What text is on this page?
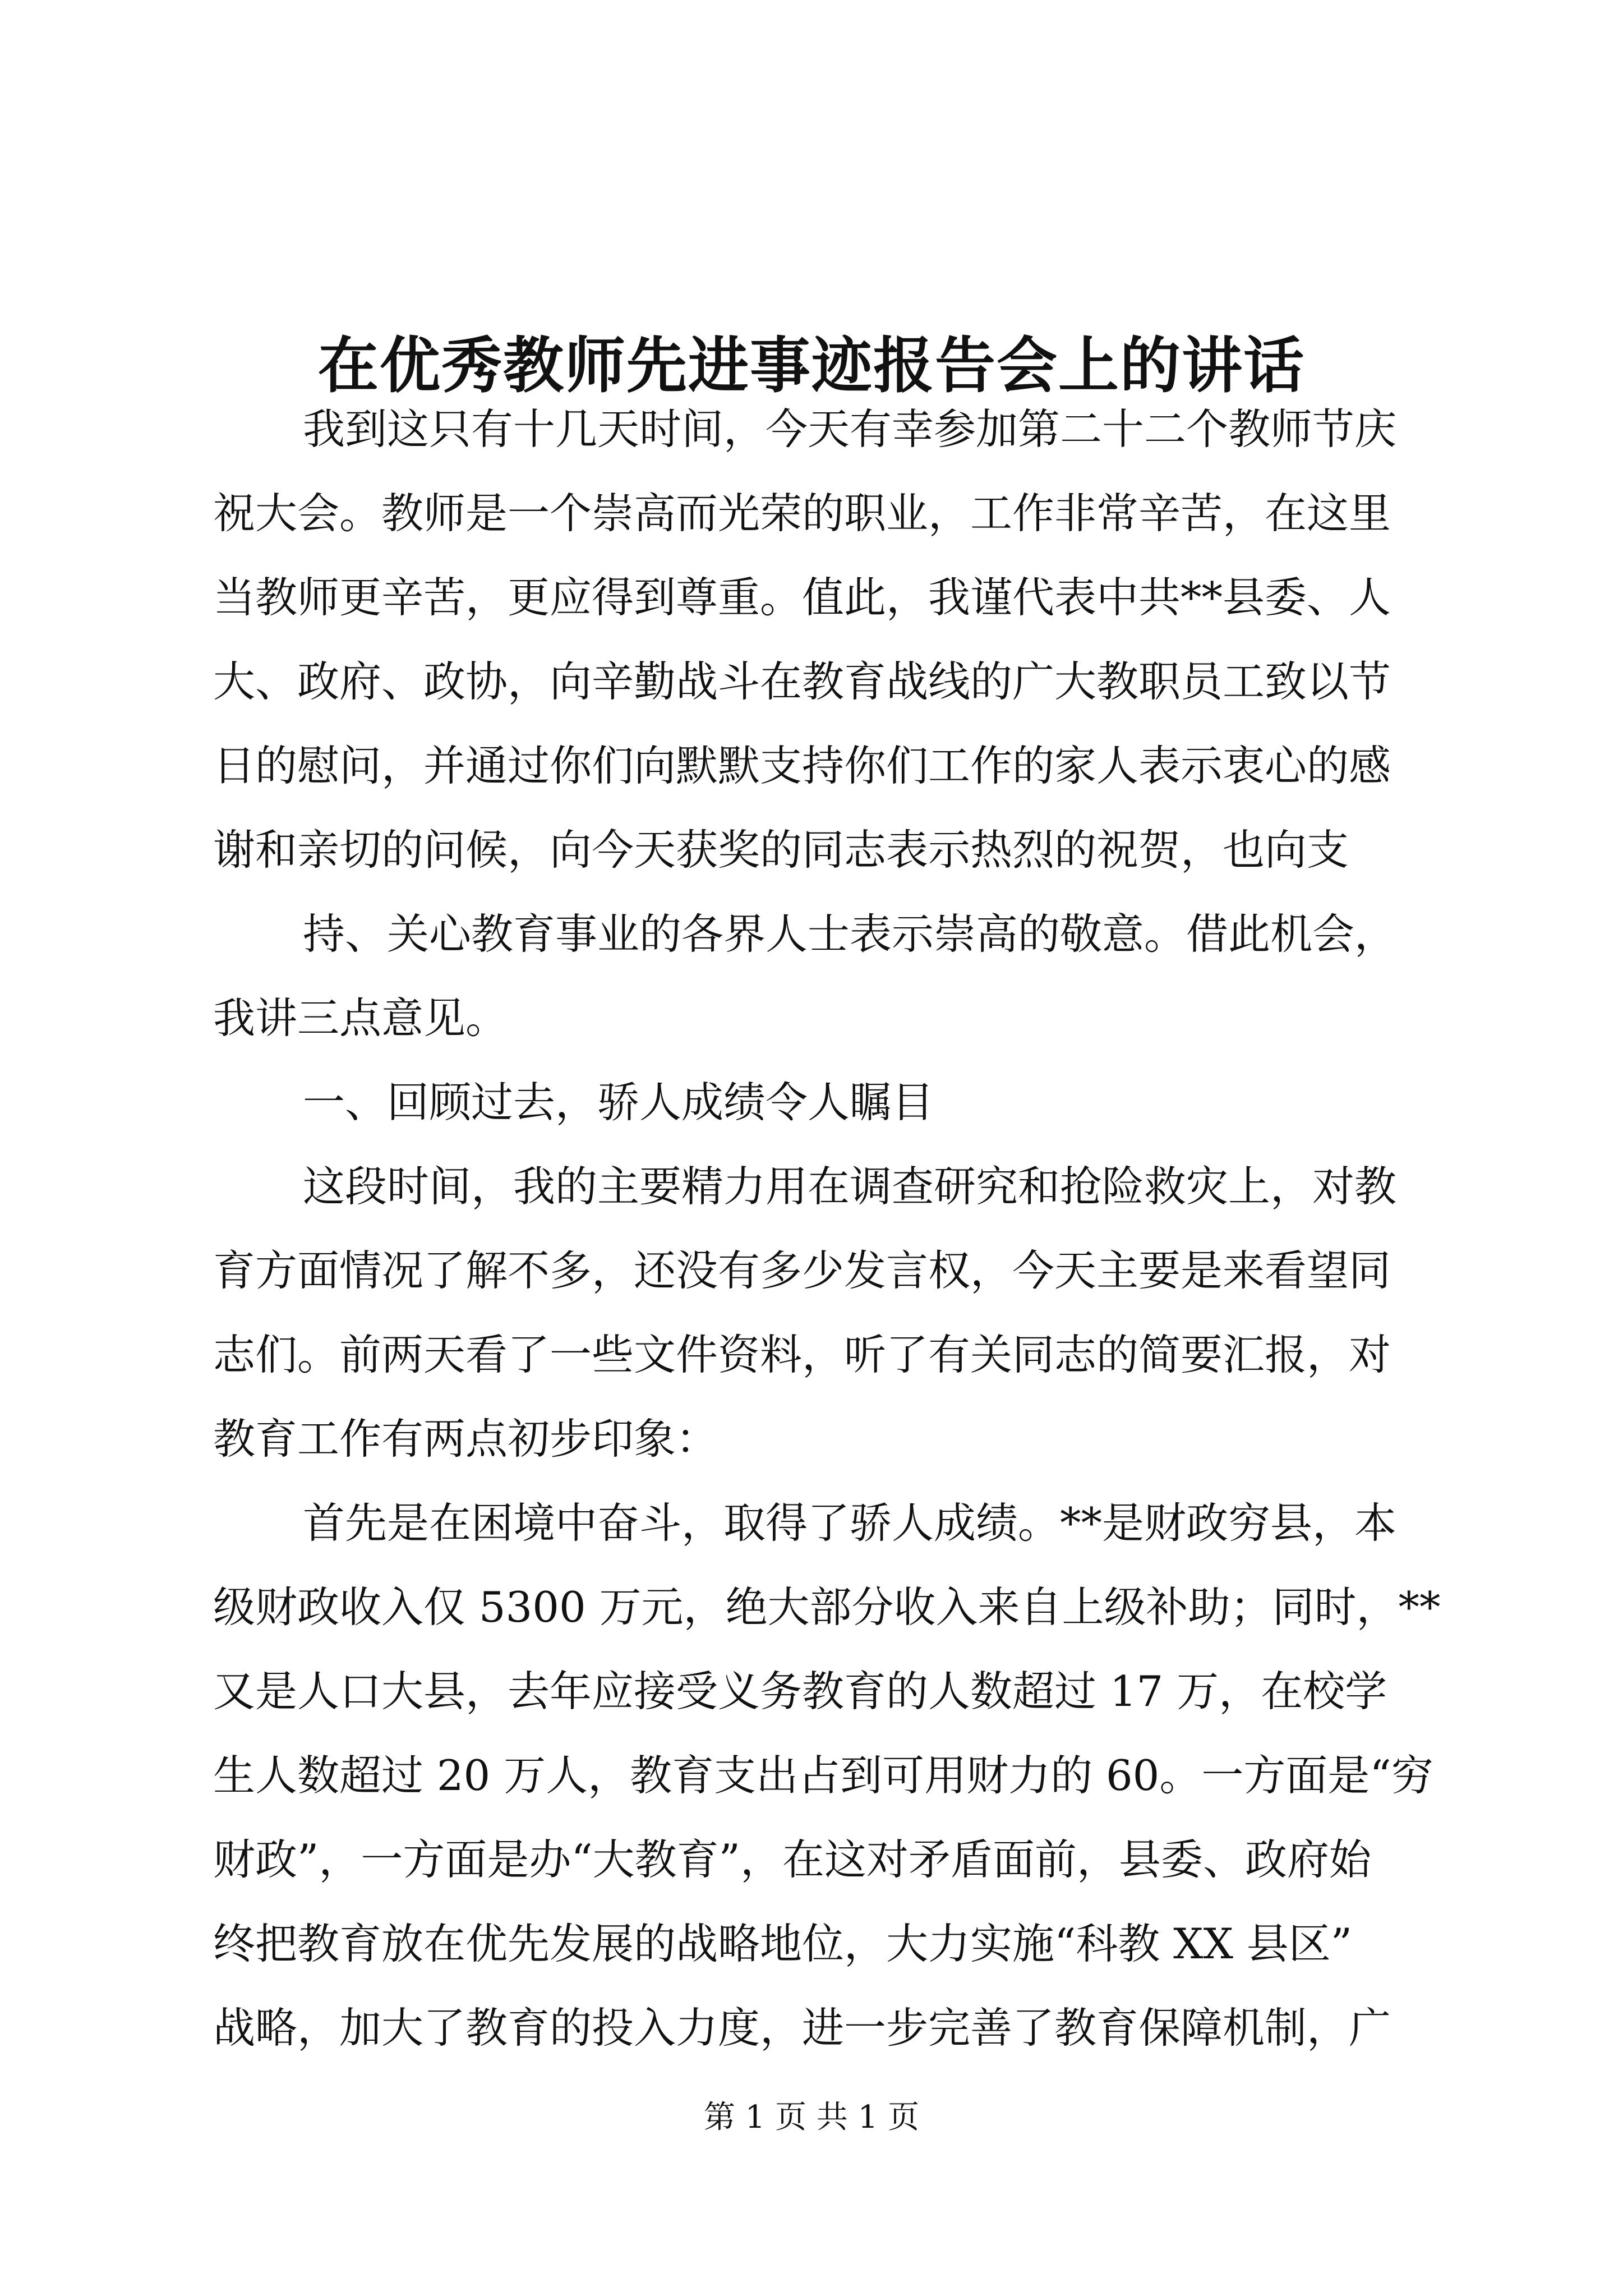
在优秀教师先进事迹报告会上的讲话

我到这只有十几天时间，今天有幸参加第二十二个教师节庆
祝大会。教师是一个崇高而光荣的职业，工作非常辛苦，在这里
当教师更辛苦，更应得到尊重。值此，我谨代表中共**县委、人
大、政府、政协，向辛勤战斗在教育战线的广大教职员工致以节
日的慰问，并通过你们向默默支持你们工作的家人表示衷心的感
谢和亲切的问候，向今天获奖的同志表示热烈的祝贺，也向支

持、关心教育事业的各界人士表示崇高的敬意。借此机会，
我讲三点意见。

一、回顾过去，骄人成绩令人瞩目

这段时间，我的主要精力用在调查研究和抢险救灾上，对教
育方面情况了解不多，还没有多少发言权，今天主要是来看望同
志们。前两天看了一些文件资料，听了有关同志的简要汇报，对
教育工作有两点初步印象：

首先是在困境中奋斗，取得了骄人成绩。**是财政穷县，本
级财政收入仅 5300 万元，绝大部分收入来自上级补助；同时，**
又是人口大县，去年应接受义务教育的人数超过 17 万，在校学
生人数超过 20 万人，教育支出占到可用财力的 60。一方面是“穷
财政”，一方面是办“大教育”，在这对矛盾面前，县委、政府始
终把教育放在优先发展的战略地位，大力实施“科教 XX 县区”
战略，加大了教育的投入力度，进一步完善了教育保障机制，广

第 1 页 共 1 页
